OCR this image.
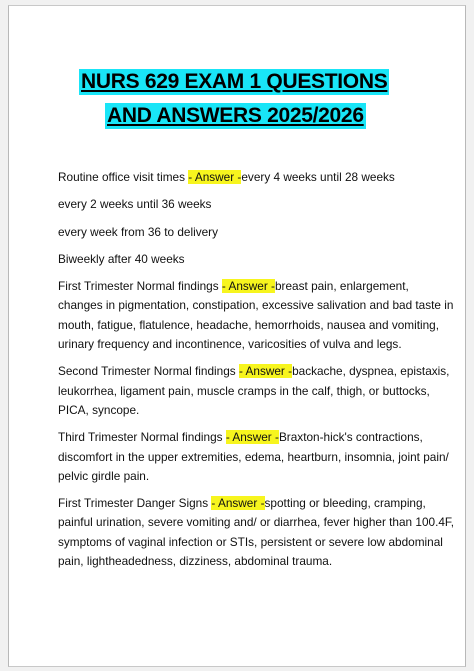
NURS 629 EXAM 1 QUESTIONS
AND ANSWERS 2025/2026

Routine office visit times - Answer -every 4 weeks until 28 weeks

every 2 weeks until 36 weeks

every week from 36 to delivery

Biweekly after 40 weeks

First Trimester Normal findings - Answer -breast pain, enlargement, changes in pigmentation, constipation, excessive salivation and bad taste in mouth, fatigue, flatulence, headache, hemorrhoids, nausea and vomiting, urinary frequency and incontinence, varicosities of vulva and legs.

Second Trimester Normal findings - Answer -backache, dyspnea, epistaxis, leukorrhea, ligament pain, muscle cramps in the calf, thigh, or buttocks, PICA, syncope.

Third Trimester Normal findings - Answer -Braxton-hick's contractions, discomfort in the upper extremities, edema, heartburn, insomnia, joint pain/ pelvic girdle pain.

First Trimester Danger Signs - Answer -spotting or bleeding, cramping, painful urination, severe vomiting and/ or diarrhea, fever higher than 100.4F, symptoms of vaginal infection or STIs, persistent or severe low abdominal pain, lightheadedness, dizziness, abdominal trauma.
